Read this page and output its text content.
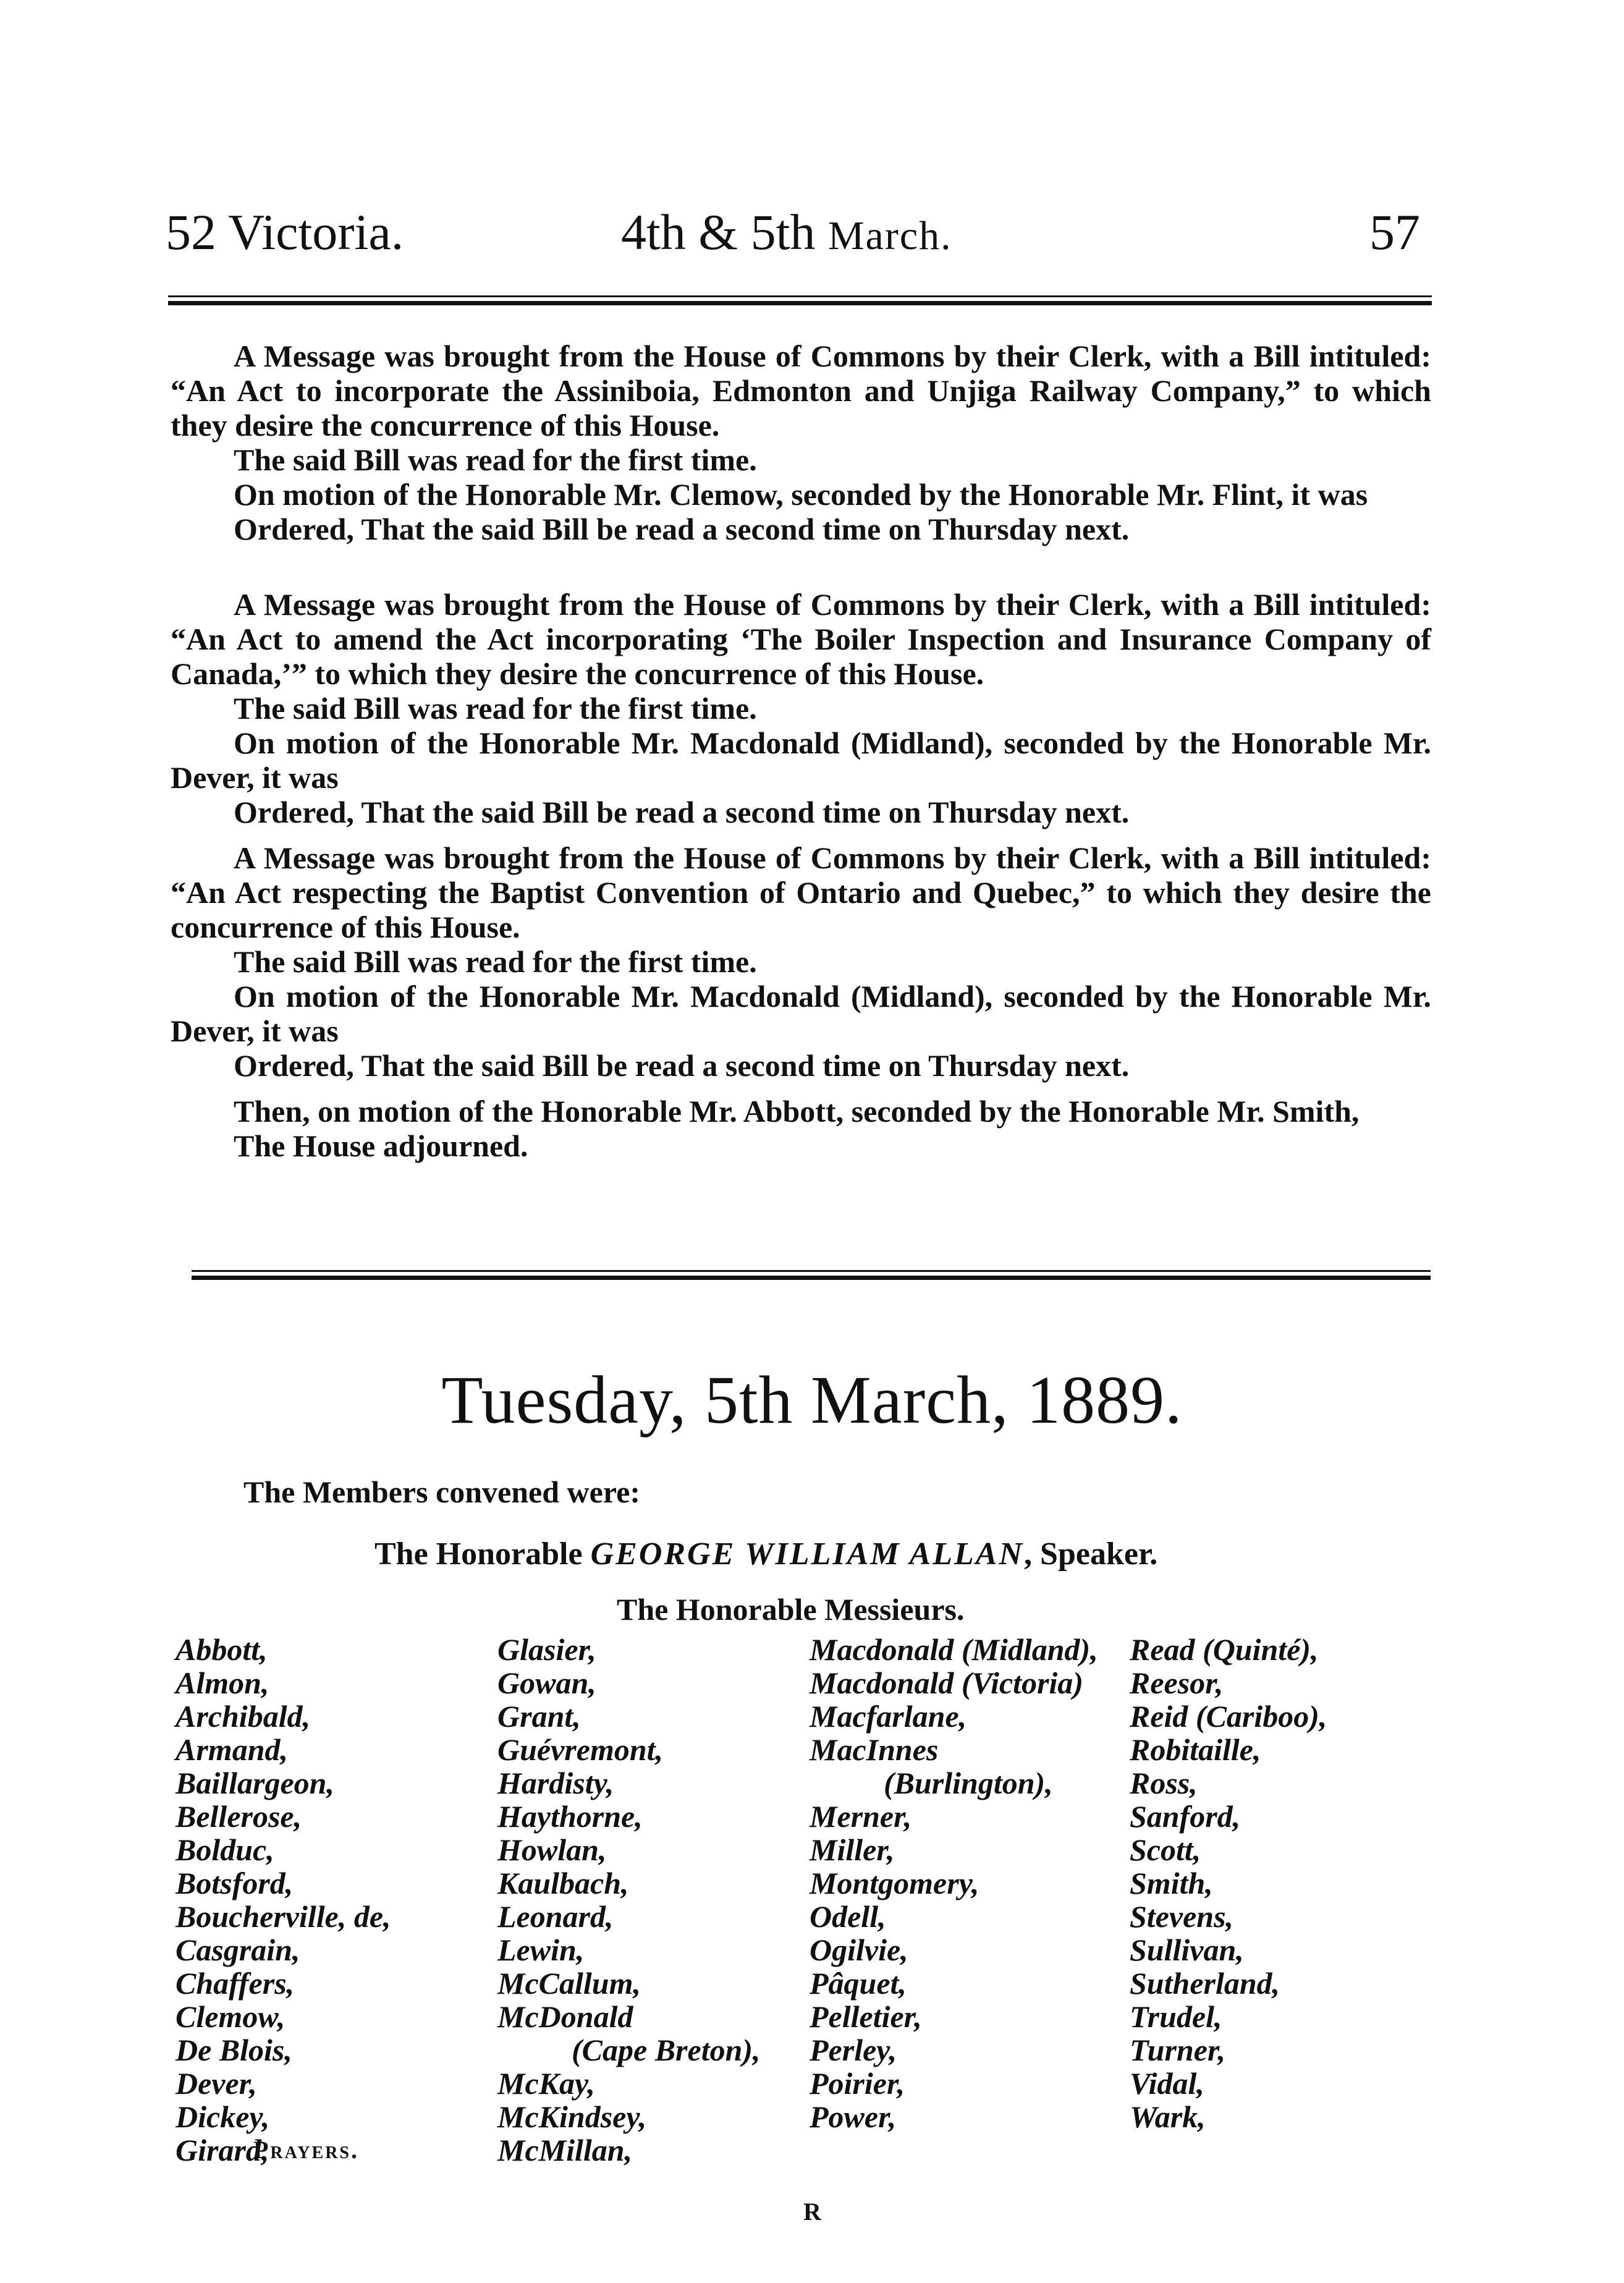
52 Victoria.	4th & 5th March.	57

A Message was brought from the House of Commons by their Clerk, with a Bill intituled: “An Act to incorporate the Assiniboia, Edmonton and Unjiga Railway Company,” to which they desire the concurrence of this House.

The said Bill was read for the first time.

On motion of the Honorable Mr. Clemow, seconded by the Honorable Mr. Flint, it was

Ordered, That the said Bill be read a second time on Thursday next.

A Message was brought from the House of Commons by their Clerk, with a Bill intituled: “An Act to amend the Act incorporating ‘The Boiler Inspection and Insurance Company of Canada,’” to which they desire the concurrence of this House.

The said Bill was read for the first time.

On motion of the Honorable Mr. Macdonald (Midland), seconded by the Honorable Mr. Dever, it was

Ordered, That the said Bill be read a second time on Thursday next.

A Message was brought from the House of Commons by their Clerk, with a Bill intituled: “An Act respecting the Baptist Convention of Ontario and Quebec,” to which they desire the concurrence of this House.

The said Bill was read for the first time.

On motion of the Honorable Mr. Macdonald (Midland), seconded by the Honorable Mr. Dever, it was

Ordered, That the said Bill be read a second time on Thursday next.

Then, on motion of the Honorable Mr. Abbott, seconded by the Honorable Mr. Smith,

The House adjourned.

Tuesday, 5th March, 1889.
The Members convened were:
The Honorable GEORGE WILLIAM ALLAN, Speaker.
The Honorable Messieurs.
Abbott,
Almon,
Archibald,
Armand,
Baillargeon,
Bellerose,
Bolduc,
Botsford,
Boucherville, de,
Casgrain,
Chaffers,
Clemow,
De Blois,
Dever,
Dickey,
Girard,
Glasier,
Gowan,
Grant,
Guévremont,
Hardisty,
Haythorne,
Howlan,
Kaulbach,
Leonard,
Lewin,
McCallum,
McDonald
(Cape Breton),
McKay,
McKindsey,
McMillan,
Macdonald (Midland),
Macdonald (Victoria)
Macfarlane,
MacInnes
(Burlington),
Merner,
Miller,
Montgomery,
Odell,
Ogilvie,
Pâquet,
Pelletier,
Perley,
Poirier,
Power,
Read (Quinté),
Reesor,
Reid (Cariboo),
Robitaille,
Ross,
Sanford,
Scott,
Smith,
Stevens,
Sullivan,
Sutherland,
Trudel,
Turner,
Vidal,
Wark,
Prayers.
R
